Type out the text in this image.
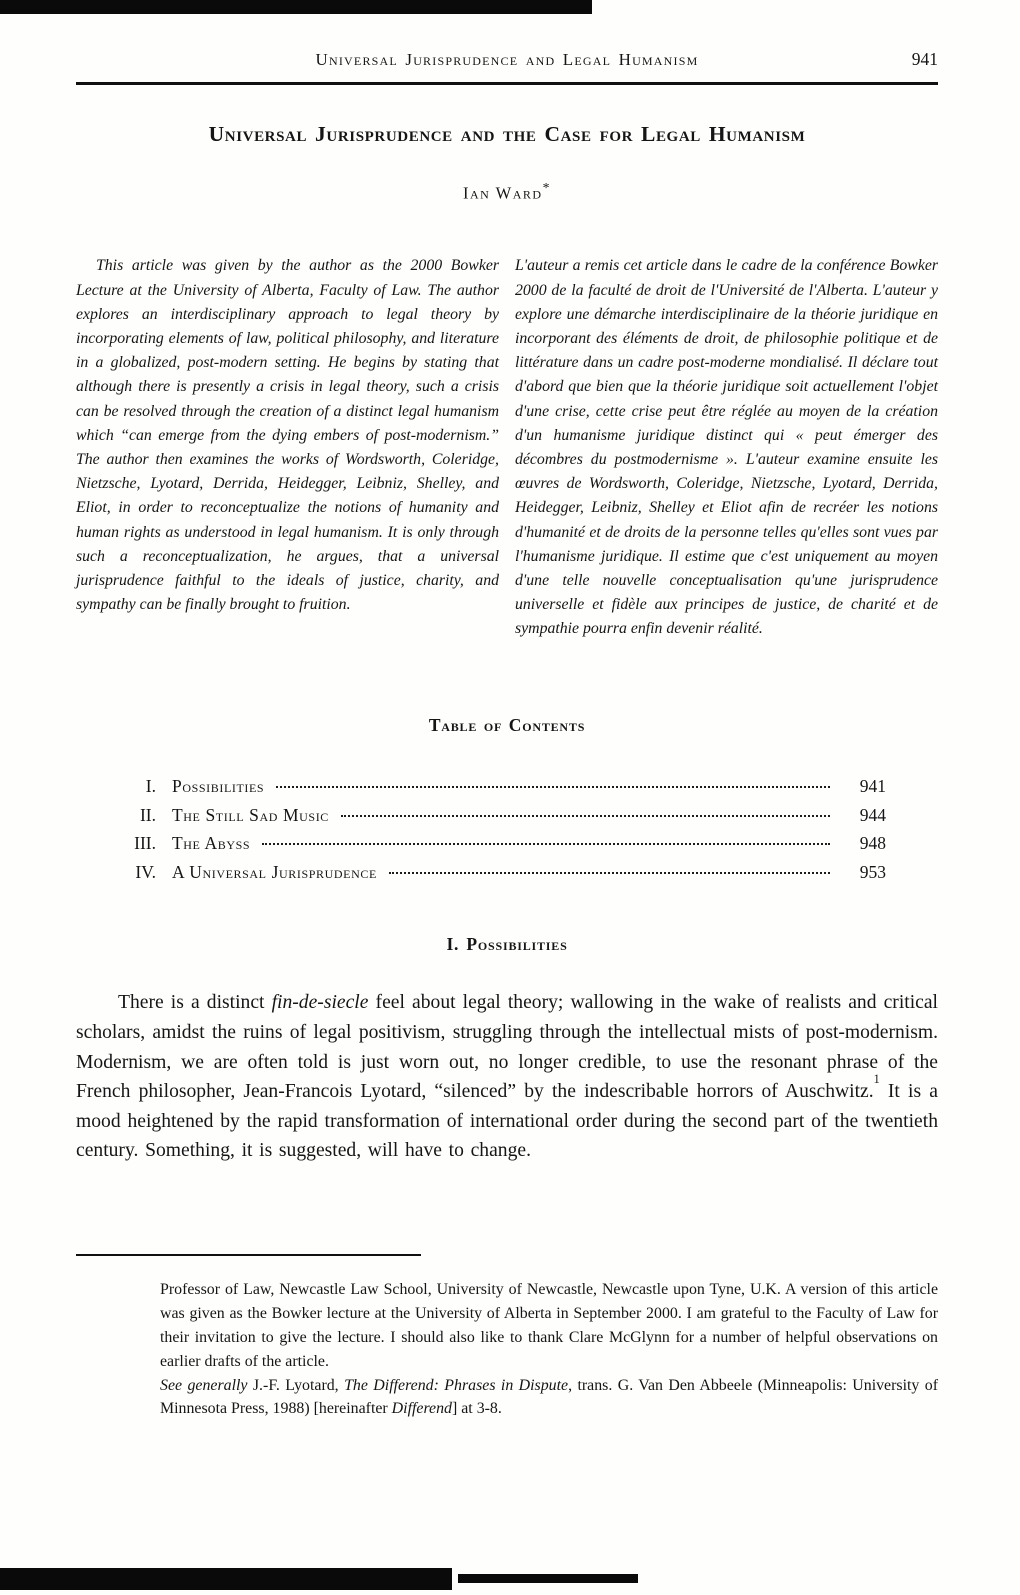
Universal Jurisprudence and Legal Humanism	941
Universal Jurisprudence and the Case for Legal Humanism
Ian Ward*

This article was given by the author as the 2000 Bowker Lecture at the University of Alberta, Faculty of Law. The author explores an interdisciplinary approach to legal theory by incorporating elements of law, political philosophy, and literature in a globalized, post-modern setting. He begins by stating that although there is presently a crisis in legal theory, such a crisis can be resolved through the creation of a distinct legal humanism which “can emerge from the dying embers of post-modernism.” The author then examines the works of Wordsworth, Coleridge, Nietzsche, Lyotard, Derrida, Heidegger, Leibniz, Shelley, and Eliot, in order to reconceptualize the notions of humanity and human rights as understood in legal humanism. It is only through such a reconceptualization, he argues, that a universal jurisprudence faithful to the ideals of justice, charity, and sympathy can be finally brought to fruition.

L'auteur a remis cet article dans le cadre de la conférence Bowker 2000 de la faculté de droit de l'Université de l'Alberta. L'auteur y explore une démarche interdisciplinaire de la théorie juridique en incorporant des éléments de droit, de philosophie politique et de littérature dans un cadre post-moderne mondialisé. Il déclare tout d'abord que bien que la théorie juridique soit actuellement l'objet d'une crise, cette crise peut être réglée au moyen de la création d'un humanisme juridique distinct qui « peut émerger des décombres du postmodernisme ». L'auteur examine ensuite les œuvres de Wordsworth, Coleridge, Nietzsche, Lyotard, Derrida, Heidegger, Leibniz, Shelley et Eliot afin de recréer les notions d'humanité et de droits de la personne telles qu'elles sont vues par l'humanisme juridique. Il estime que c'est uniquement au moyen d'une telle nouvelle conceptualisation qu'une jurisprudence universelle et fidèle aux principes de justice, de charité et de sympathie pourra enfin devenir réalité.

Table of Contents
I. Possibilities	941
II. The Still Sad Music	944
III. The Abyss	948
IV. A Universal Jurisprudence	953
I. Possibilities

There is a distinct fin-de-siecle feel about legal theory; wallowing in the wake of realists and critical scholars, amidst the ruins of legal positivism, struggling through the intellectual mists of post-modernism. Modernism, we are often told is just worn out, no longer credible, to use the resonant phrase of the French philosopher, Jean-Francois Lyotard, “silenced” by the indescribable horrors of Auschwitz.$^1$ It is a mood heightened by the rapid transformation of international order during the second part of the twentieth century. Something, it is suggested, will have to change.

Professor of Law, Newcastle Law School, University of Newcastle, Newcastle upon Tyne, U.K. A version of this article was given as the Bowker lecture at the University of Alberta in September 2000. I am grateful to the Faculty of Law for their invitation to give the lecture. I should also like to thank Clare McGlynn for a number of helpful observations on earlier drafts of the article.

See generally J.-F. Lyotard, The Differend: Phrases in Dispute, trans. G. Van Den Abbeele (Minneapolis: University of Minnesota Press, 1988) [hereinafter Differend] at 3-8.
